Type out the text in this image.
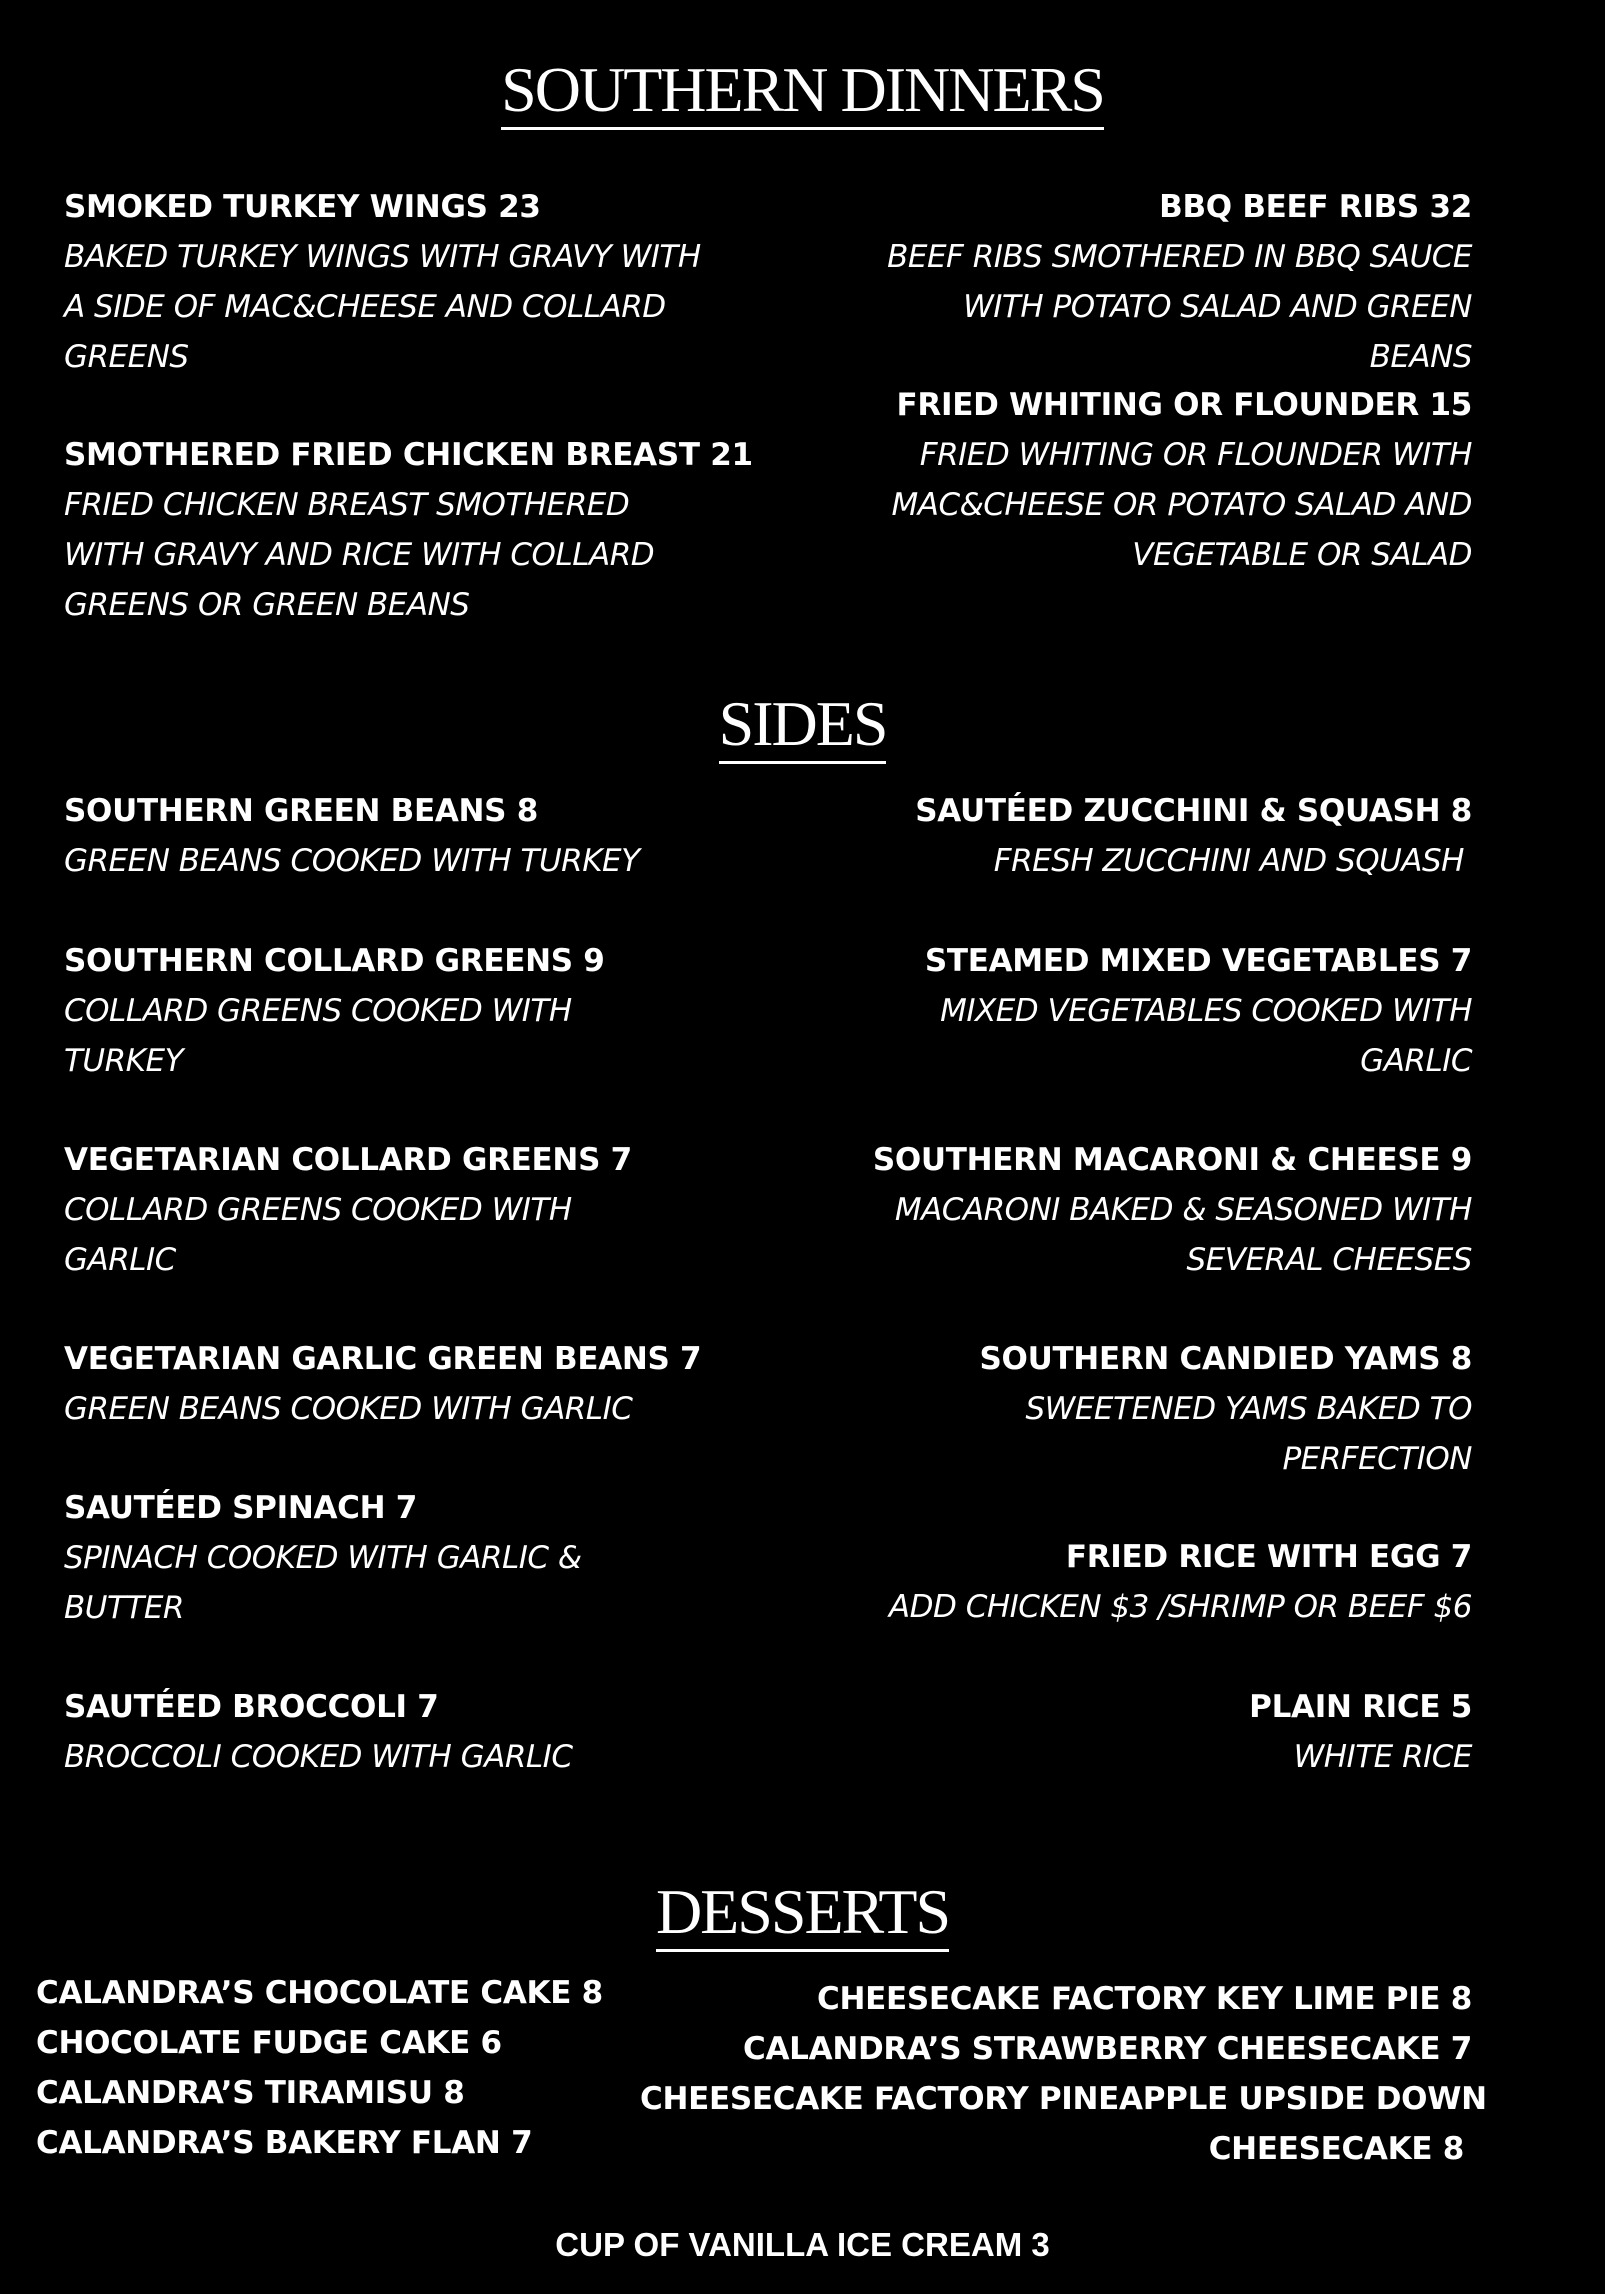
SOUTHERN DINNERS
SMOKED TURKEY WINGS 23
BAKED TURKEY WINGS WITH GRAVY WITH A SIDE OF MAC&CHEESE AND COLLARD GREENS
SMOTHERED FRIED CHICKEN BREAST 21
FRIED CHICKEN BREAST SMOTHERED WITH GRAVY AND RICE WITH COLLARD GREENS OR GREEN BEANS
BBQ BEEF RIBS 32
BEEF RIBS SMOTHERED IN BBQ SAUCE WITH POTATO SALAD AND GREEN BEANS
FRIED WHITING OR FLOUNDER 15
FRIED WHITING OR FLOUNDER WITH MAC&CHEESE OR POTATO SALAD AND VEGETABLE OR SALAD
SIDES
SOUTHERN GREEN BEANS 8
GREEN BEANS COOKED WITH TURKEY
SOUTHERN COLLARD GREENS 9
COLLARD GREENS COOKED WITH TURKEY
VEGETARIAN COLLARD GREENS 7
COLLARD GREENS COOKED WITH GARLIC
VEGETARIAN GARLIC GREEN BEANS 7
GREEN BEANS COOKED WITH GARLIC
SAUTÉED SPINACH 7
SPINACH COOKED WITH GARLIC & BUTTER
SAUTÉED BROCCOLI 7
BROCCOLI COOKED WITH GARLIC
SAUTÉED ZUCCHINI & SQUASH 8
FRESH ZUCCHINI AND SQUASH
STEAMED MIXED VEGETABLES 7
MIXED VEGETABLES COOKED WITH GARLIC
SOUTHERN MACARONI & CHEESE 9
MACARONI BAKED & SEASONED WITH SEVERAL CHEESES
SOUTHERN CANDIED YAMS 8
SWEETENED YAMS BAKED TO PERFECTION
FRIED RICE WITH EGG 7
ADD CHICKEN $3 /SHRIMP OR BEEF $6
PLAIN RICE 5
WHITE RICE
DESSERTS
CALANDRA’S CHOCOLATE CAKE 8
CHOCOLATE FUDGE CAKE 6
CALANDRA’S TIRAMISU 8
CALANDRA’S BAKERY FLAN 7
CHEESECAKE FACTORY KEY LIME PIE 8
CALANDRA’S STRAWBERRY CHEESECAKE 7
CHEESECAKE FACTORY PINEAPPLE UPSIDE DOWN
CHEESECAKE 8
CUP OF VANILLA ICE CREAM 3
